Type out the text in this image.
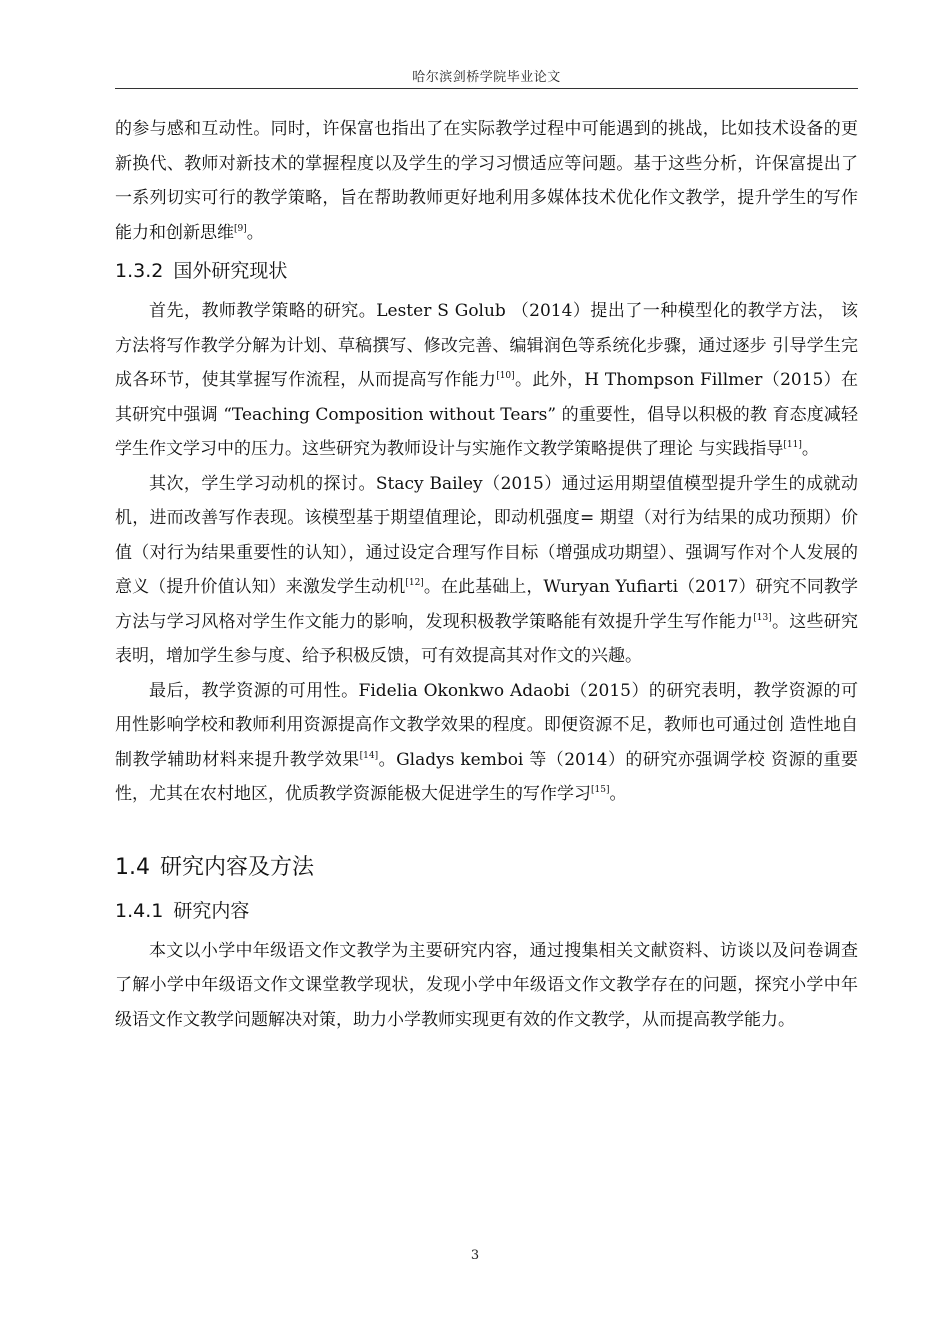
哈尔滨剑桥学院毕业论文

的参与感和互动性。同时，许保富也指出了在实际教学过程中可能遇到的挑战，比如技术设备的更新换代、教师对新技术的掌握程度以及学生的学习习惯适应等问题。基于这些分析，许保富提出了一系列切实可行的教学策略，旨在帮助教师更好地利用多媒体技术优化作文教学，提升学生的写作能力和创新思维[9]。

1.3.2 国外研究现状

首先，教师教学策略的研究。Lester S Golub （2014）提出了一种模型化的教学方法， 该方法将写作教学分解为计划、草稿撰写、修改完善、编辑润色等系统化步骤，通过逐步 引导学生完成各环节，使其掌握写作流程，从而提高写作能力[10]。此外，H Thompson Fillmer（2015）在其研究中强调 “Teaching Composition without Tears” 的重要性，倡导以积极的教 育态度减轻学生作文学习中的压力。这些研究为教师设计与实施作文教学策略提供了理论 与实践指导[11]。

其次，学生学习动机的探讨。Stacy Bailey（2015）通过运用期望值模型提升学生的成就动机，进而改善写作表现。该模型基于期望值理论，即动机强度= 期望（对行为结果的成功预期）价值（对行为结果重要性的认知），通过设定合理写作目标（增强成功期望）、强调写作对个人发展的意义（提升价值认知）来激发学生动机[12]。在此基础上，Wuryan Yufiarti（2017）研究不同教学方法与学习风格对学生作文能力的影响，发现积极教学策略能有效提升学生写作能力[13]。这些研究表明，增加学生参与度、给予积极反馈，可有效提高其对作文的兴趣。

最后，教学资源的可用性。Fidelia Okonkwo Adaobi（2015）的研究表明，教学资源的可 用性影响学校和教师利用资源提高作文教学效果的程度。即便资源不足，教师也可通过创 造性地自制教学辅助材料来提升教学效果[14]。Gladys kemboi 等（2014）的研究亦强调学校 资源的重要性，尤其在农村地区，优质教学资源能极大促进学生的写作学习[15]。

1.4 研究内容及方法
1.4.1 研究内容

本文以小学中年级语文作文教学为主要研究内容，通过搜集相关文献资料、访谈以及问卷调查了解小学中年级语文作文课堂教学现状，发现小学中年级语文作文教学存在的问题，探究小学中年级语文作文教学问题解决对策，助力小学教师实现更有效的作文教学，从而提高教学能力。

3
